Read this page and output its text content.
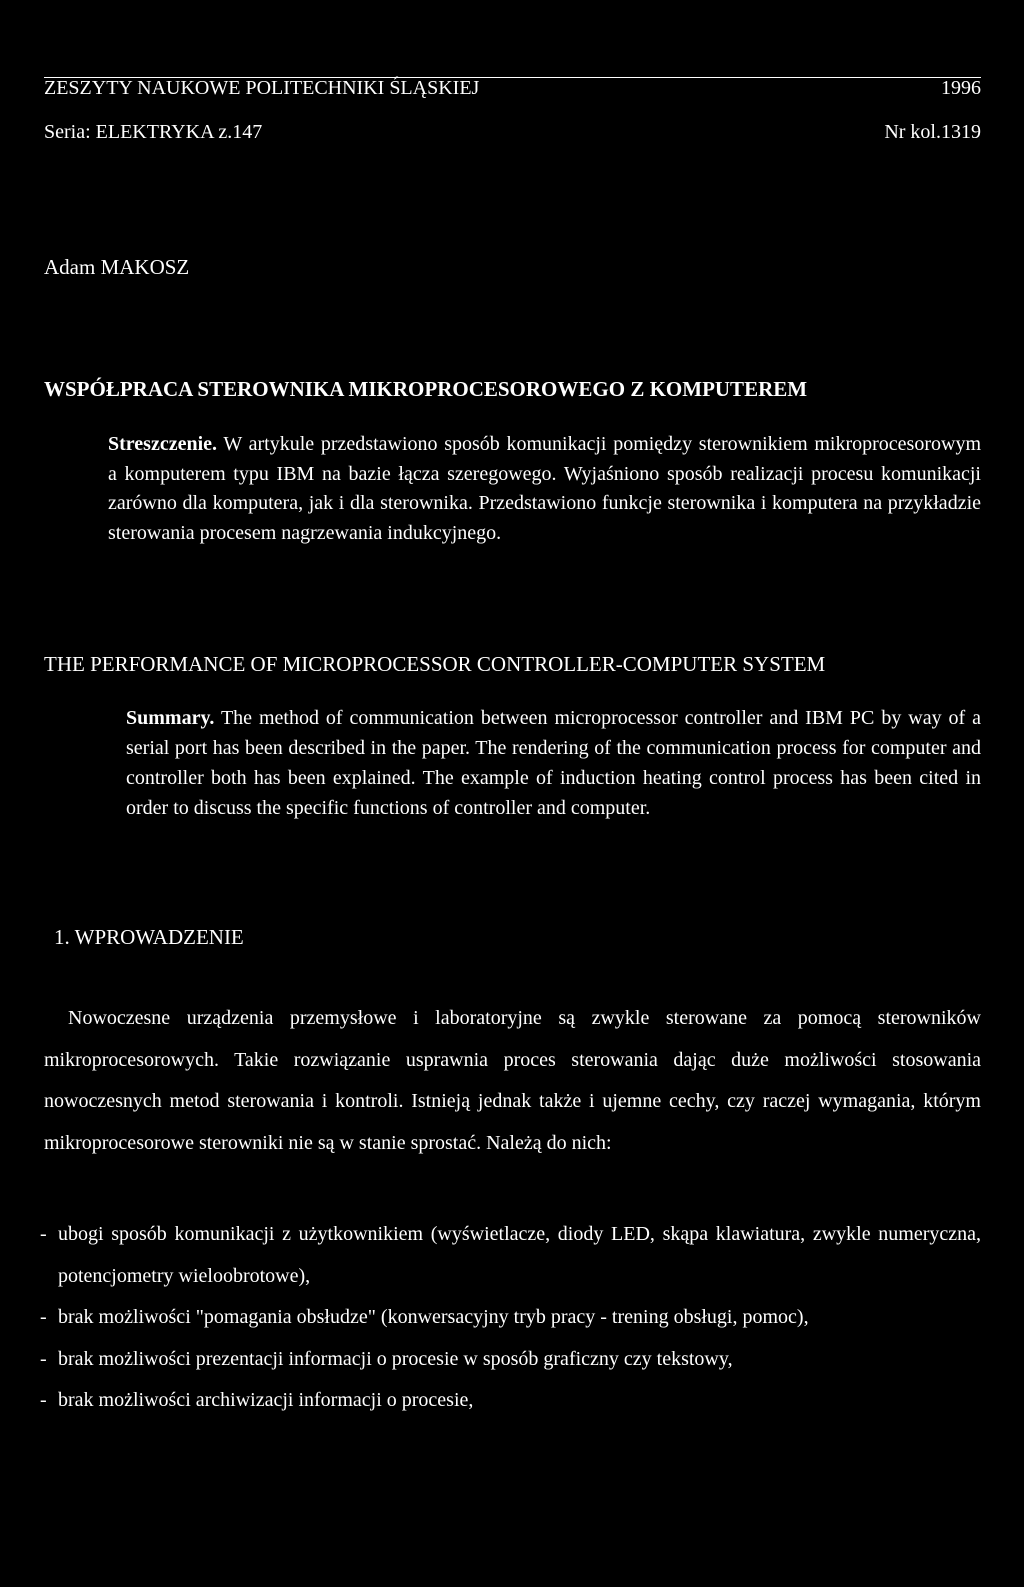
ZESZYTY NAUKOWE POLITECHNIKI ŚLĄSKIEJ	1996
Seria: ELEKTRYKA z.147	Nr kol.1319
Adam MAKOSZ
WSPÓŁPRACA STEROWNIKA MIKROPROCESOROWEGO Z KOMPUTEREM
Streszczenie. W artykule przedstawiono sposób komunikacji pomiędzy sterownikiem mikroprocesorowym a komputerem typu IBM na bazie łącza szeregowego. Wyjaśniono sposób realizacji procesu komunikacji zarówno dla komputera, jak i dla sterownika. Przedstawiono funkcje sterownika i komputera na przykładzie sterowania procesem nagrzewania indukcyjnego.
THE PERFORMANCE OF MICROPROCESSOR CONTROLLER-COMPUTER SYSTEM
Summary. The method of communication between microprocessor controller and IBM PC by way of a serial port has been described in the paper. The rendering of the communication process for computer and controller both has been explained. The example of induction heating control process has been cited in order to discuss the specific functions of controller and computer.
1. WPROWADZENIE
Nowoczesne urządzenia przemysłowe i laboratoryjne są zwykle sterowane za pomocą sterowników mikroprocesorowych. Takie rozwiązanie usprawnia proces sterowania dając duże możliwości stosowania nowoczesnych metod sterowania i kontroli. Istnieją jednak także i ujemne cechy, czy raczej wymagania, którym mikroprocesorowe sterowniki nie są w stanie sprostać. Należą do nich:
- ubogi sposób komunikacji z użytkownikiem (wyświetlacze, diody LED, skąpa klawiatura, zwykle numeryczna, potencjometry wieloobrotowe),
- brak możliwości "pomagania obsłudze" (konwersacyjny tryb pracy - trening obsługi, pomoc),
- brak możliwości prezentacji informacji o procesie w sposób graficzny czy tekstowy,
- brak możliwości archiwizacji informacji o procesie,
